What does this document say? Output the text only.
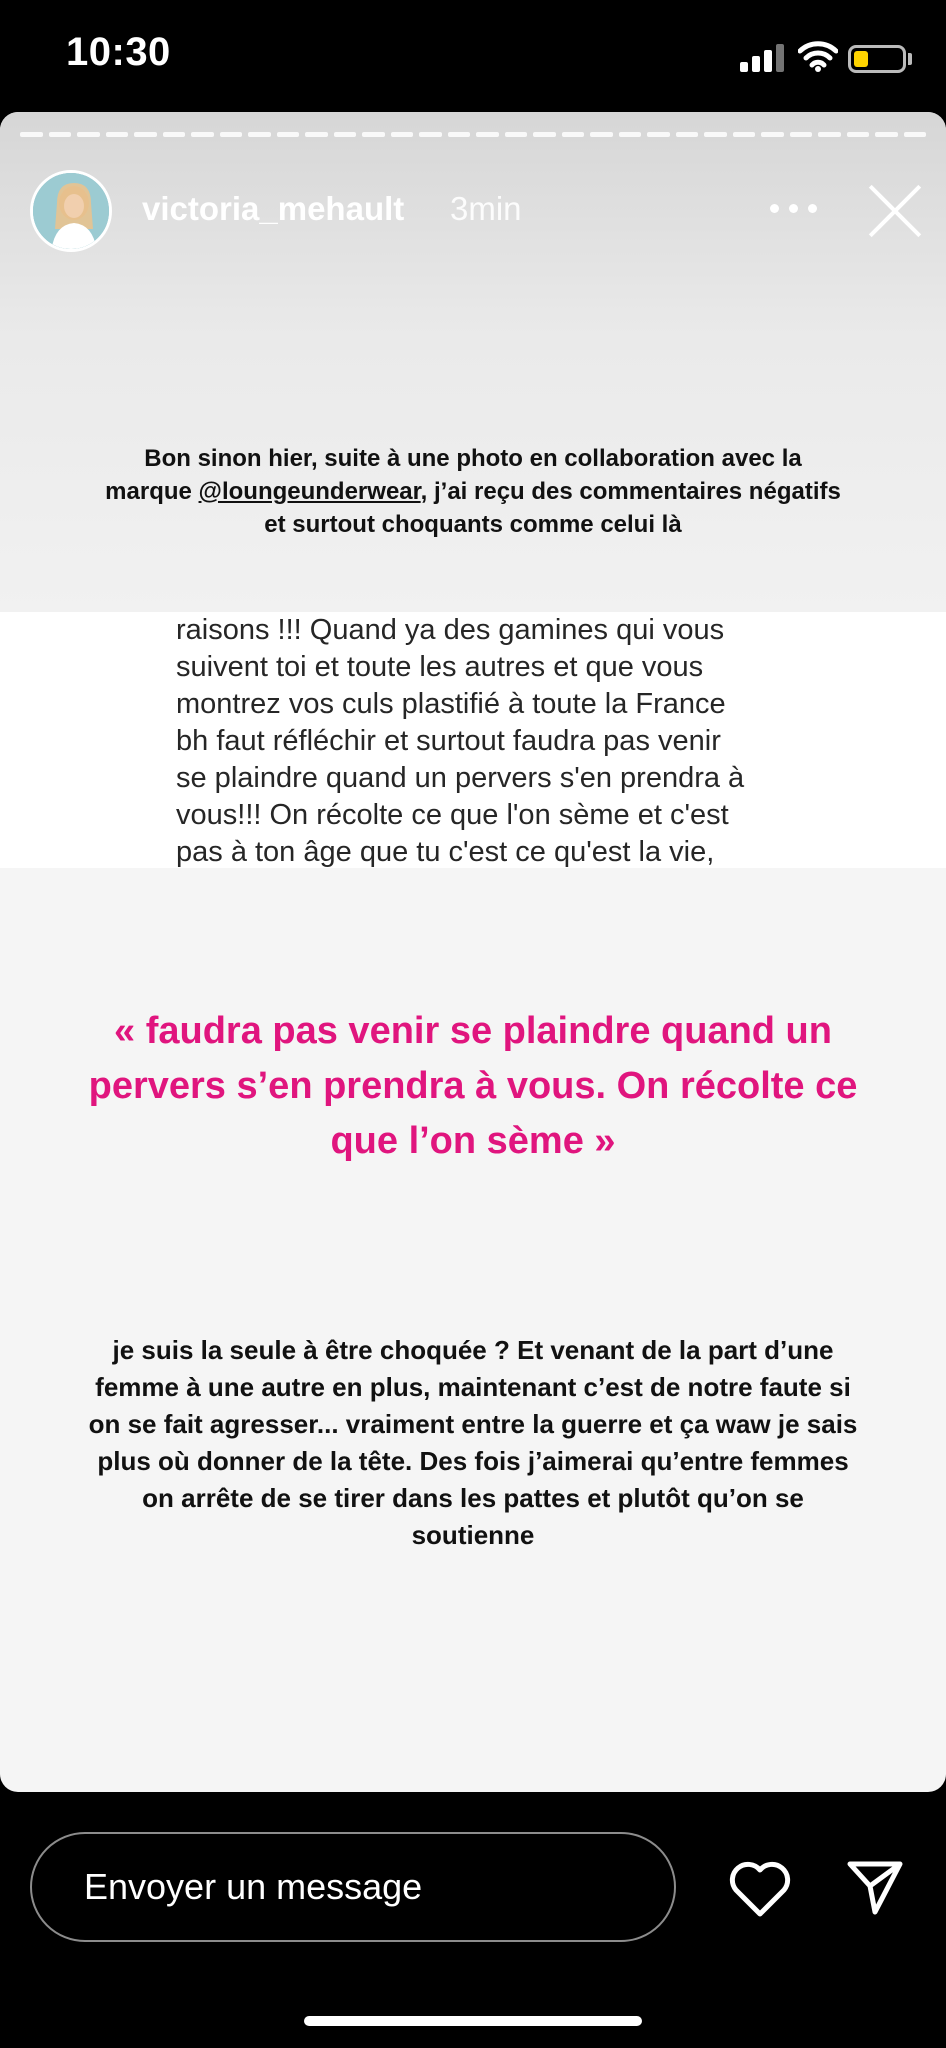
10:30
victoria_mehault 3min
Bon sinon hier, suite à une photo en collaboration avec la marque @loungeunderwear, j’ai reçu des commentaires négatifs et surtout choquants comme celui là
raisons !!! Quand ya des gamines qui vous
suivent toi et toute les autres et que vous
montrez vos culs plastifié à toute la France
bh faut réfléchir et surtout faudra pas venir
se plaindre quand un pervers s'en prendra à
vous!!! On récolte ce que l'on sème et c'est
pas à ton âge que tu c'est ce qu'est la vie,
« faudra pas venir se plaindre quand un pervers s’en prendra à vous. On récolte ce que l’on sème »
je suis la seule à être choquée ? Et venant de la part d’une femme à une autre en plus, maintenant c’est de notre faute si on se fait agresser... vraiment entre la guerre et ça waw je sais plus où donner de la tête. Des fois j’aimerai qu’entre femmes on arrête de se tirer dans les pattes et plutôt qu’on se soutienne
Envoyer un message
